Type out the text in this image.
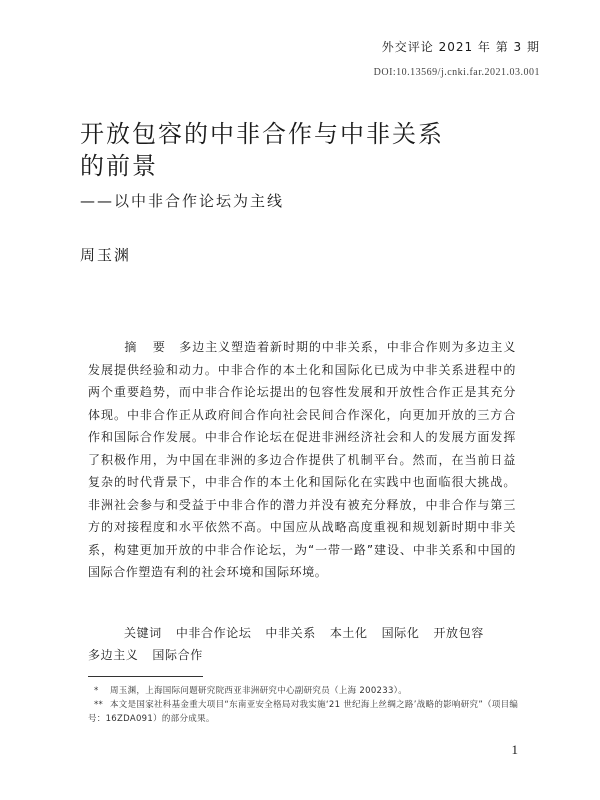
外交评论 2021 年 第 3 期
DOI:10.13569/j.cnki.far.2021.03.001
开放包容的中非合作与中非关系
的前景
——以中非合作论坛为主线
周玉渊

摘 要 多边主义塑造着新时期的中非关系，中非合作则为多边主义发展提供经验和动力。中非合作的本土化和国际化已成为中非关系进程中的两个重要趋势，而中非合作论坛提出的包容性发展和开放性合作正是其充分体现。中非合作正从政府间合作向社会民间合作深化，向更加开放的三方合作和国际合作发展。中非合作论坛在促进非洲经济社会和人的发展方面发挥了积极作用，为中国在非洲的多边合作提供了机制平台。然而，在当前日益复杂的时代背景下，中非合作的本土化和国际化在实践中也面临很大挑战。非洲社会参与和受益于中非合作的潜力并没有被充分释放，中非合作与第三方的对接程度和水平依然不高。中国应从战略高度重视和规划新时期中非关系，构建更加开放的中非合作论坛，为“一带一路”建设、中非关系和中国的国际合作塑造有利的社会环境和国际环境。

关键词 中非合作论坛 中非关系 本土化 国际化 开放包容
多边主义 国际合作

* 周玉渊，上海国际问题研究院西亚非洲研究中心副研究员（上海 200233）。

** 本文是国家社科基金重大项目“东南亚安全格局对我实施‘21 世纪海上丝绸之路’战略的影响研究”（项目编号：16ZDA091）的部分成果。

1
